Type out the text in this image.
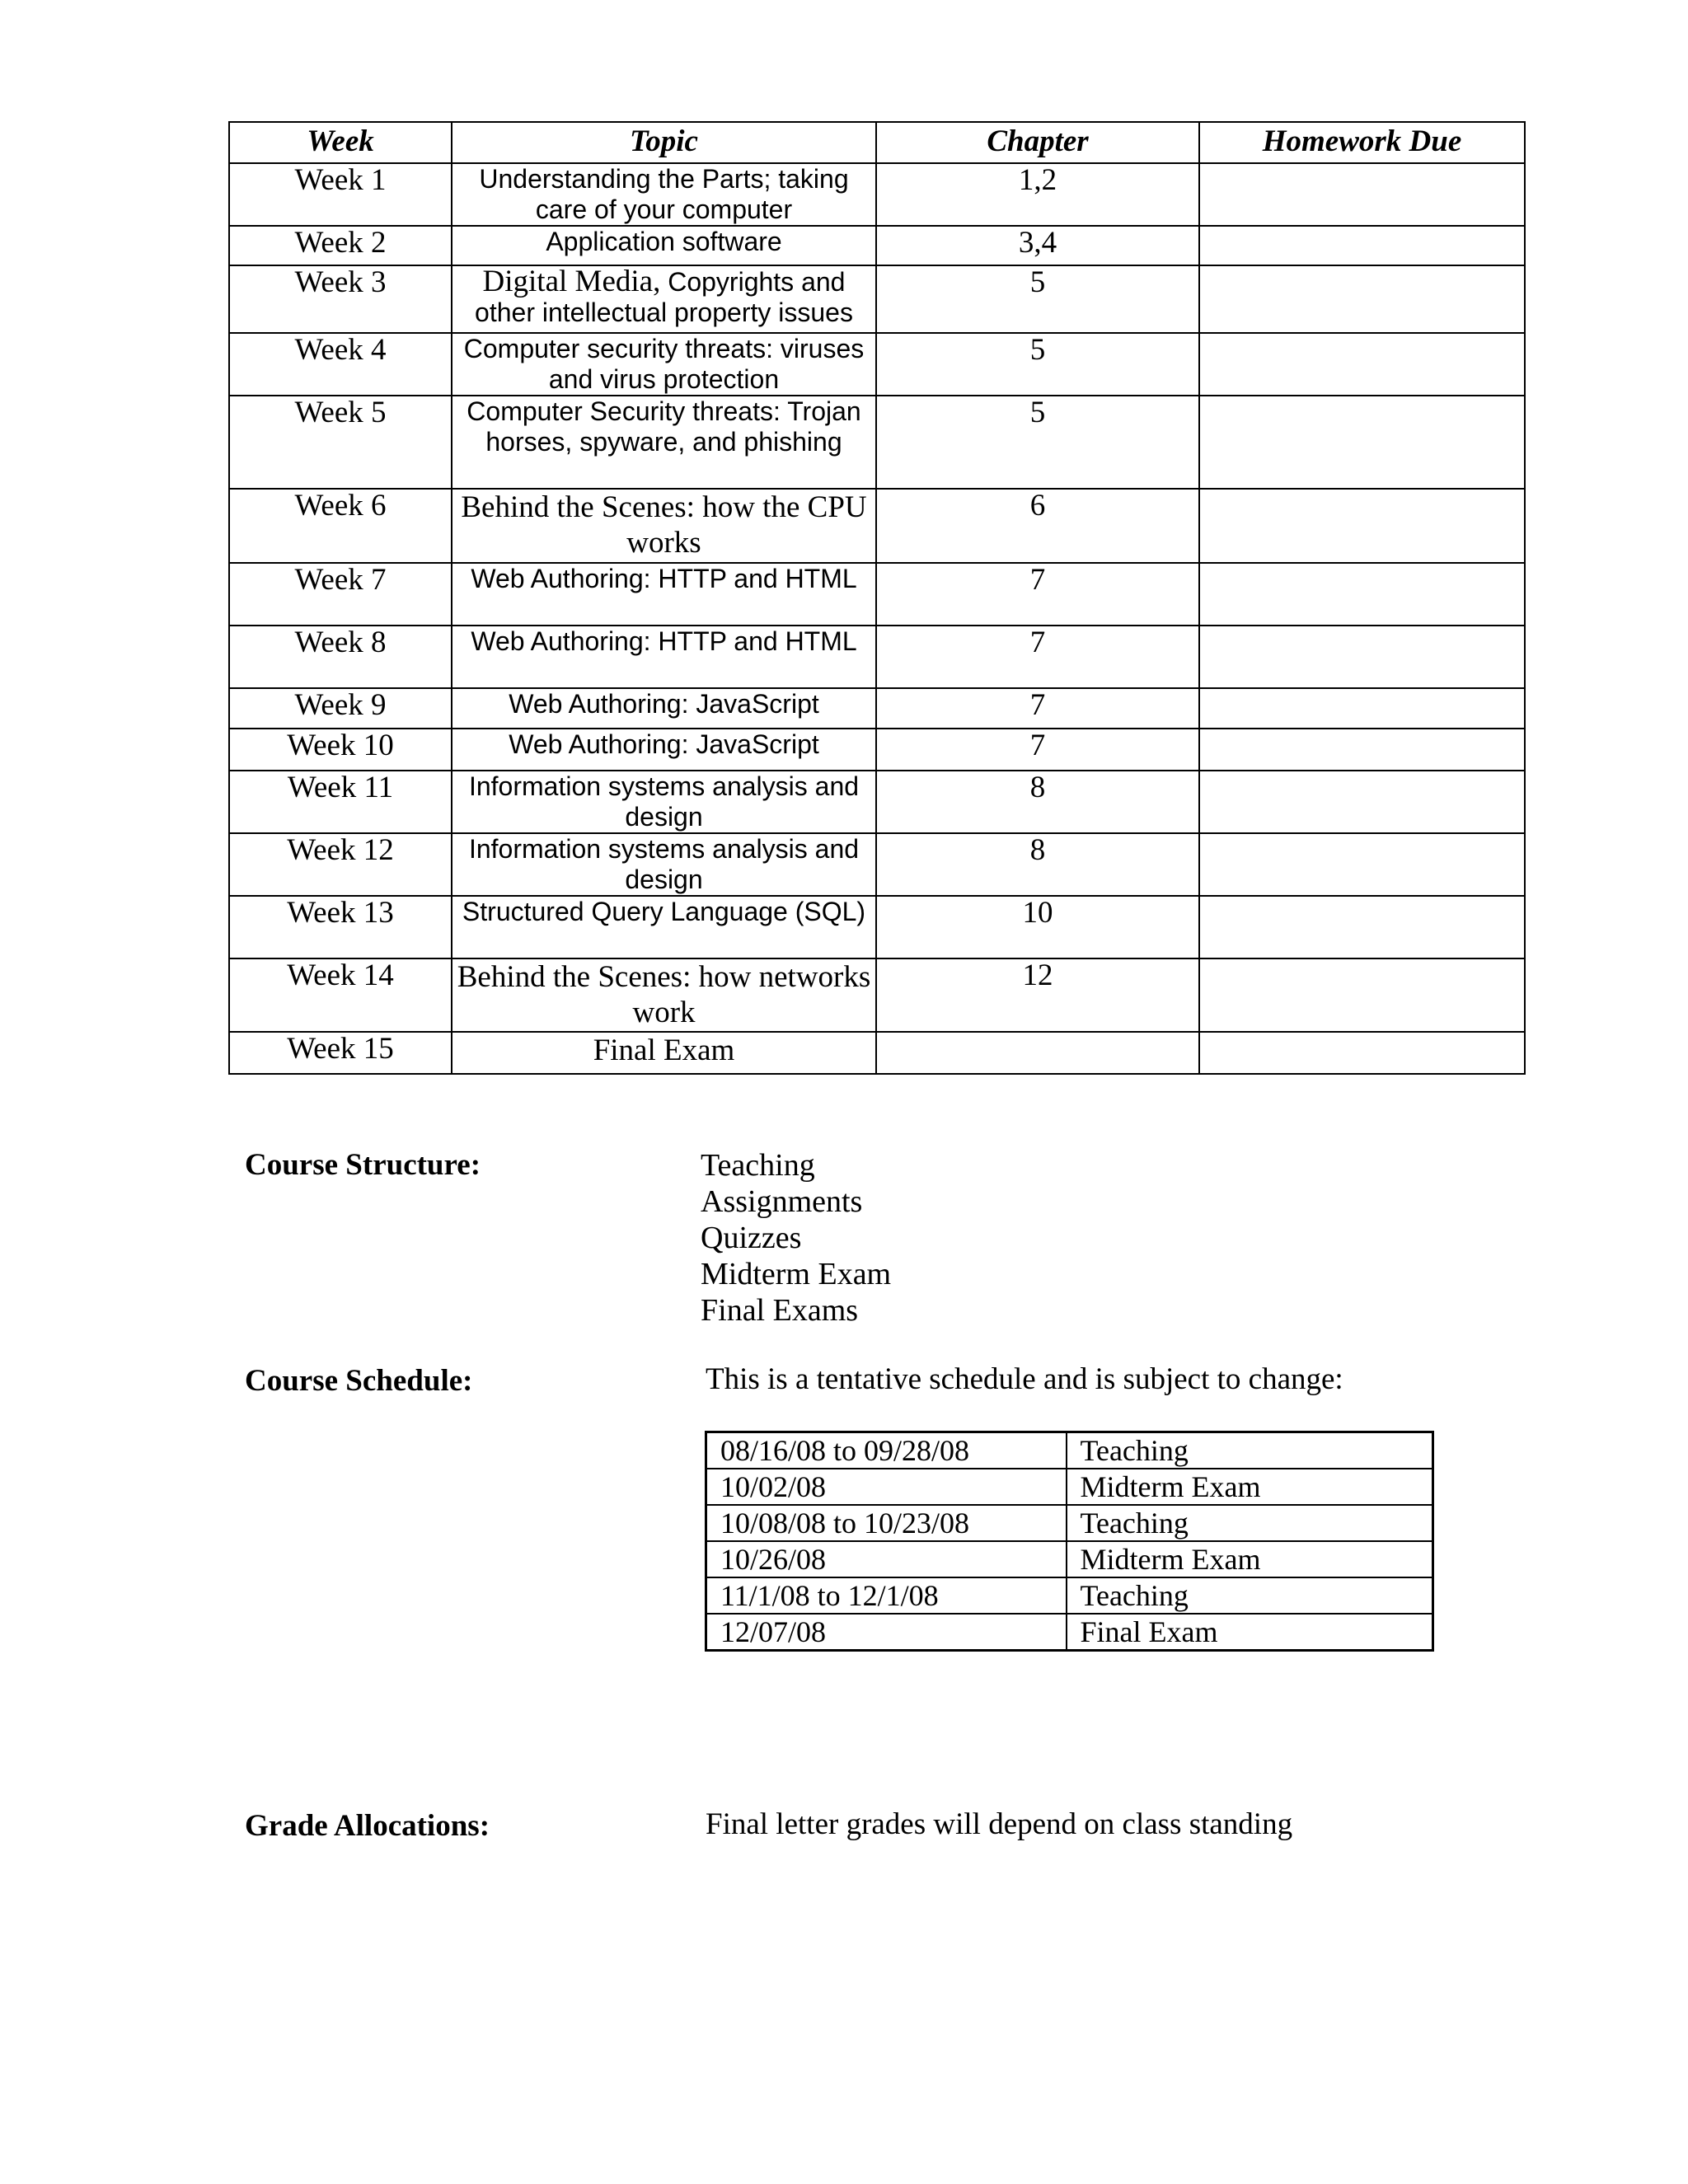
Week	Topic	Chapter	Homework Due
Week 1	Understanding the Parts; taking care of your computer	1,2	
Week 2	Application software	3,4	
Week 3	Digital Media, Copyrights and other intellectual property issues	5	
Week 4	Computer security threats: viruses and virus protection	5	
Week 5	Computer Security threats: Trojan horses, spyware, and phishing	5	
Week 6	Behind the Scenes: how the CPU works	6	
Week 7	Web Authoring: HTTP and HTML	7	
Week 8	Web Authoring: HTTP and HTML	7	
Week 9	Web Authoring: JavaScript	7	
Week 10	Web Authoring: JavaScript	7	
Week 11	Information systems analysis and design	8	
Week 12	Information systems analysis and design	8	
Week 13	Structured Query Language (SQL)	10	
Week 14	Behind the Scenes: how networks work	12	
Week 15	Final Exam		
Course Structure:	Teaching
Assignments
Quizzes
Midterm Exam
Final Exams
Course Schedule:	This is a tentative schedule and is subject to change:
08/16/08 to 09/28/08	Teaching
10/02/08	Midterm Exam
10/08/08 to 10/23/08	Teaching
10/26/08	Midterm Exam
11/1/08 to 12/1/08	Teaching
12/07/08	Final Exam
Grade Allocations:	Final letter grades will depend on class standing
